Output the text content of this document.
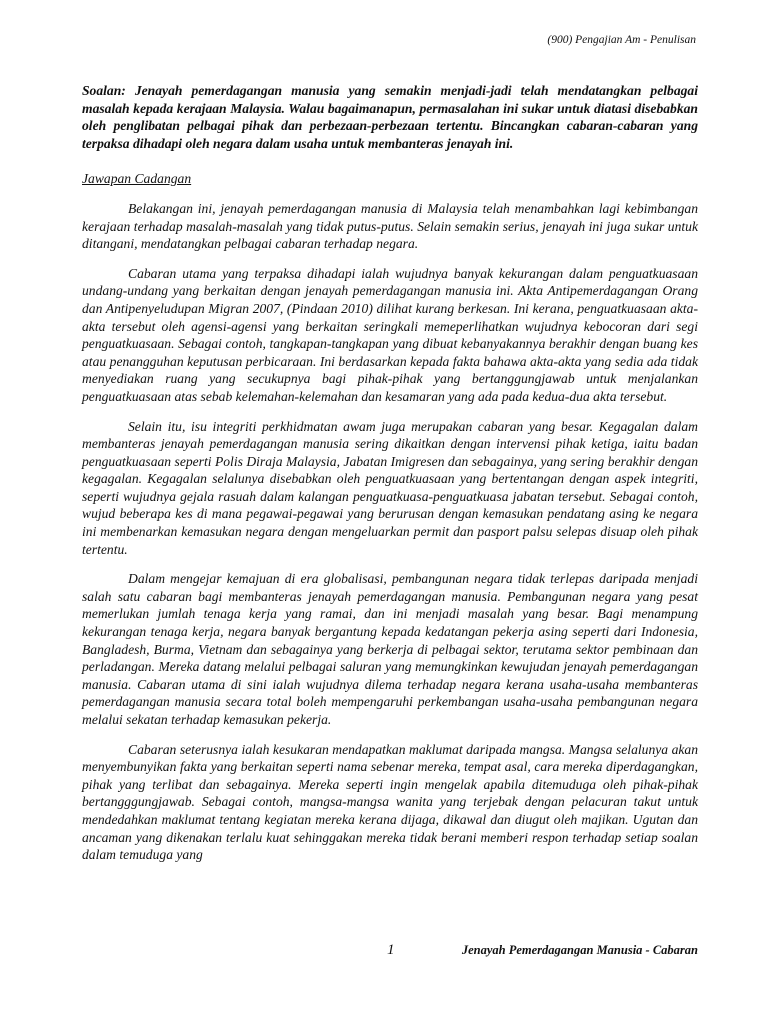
(900) Pengajian Am - Penulisan

Soalan: Jenayah pemerdagangan manusia yang semakin menjadi-jadi telah mendatangkan pelbagai masalah kepada kerajaan Malaysia. Walau bagaimanapun, permasalahan ini sukar untuk diatasi disebabkan oleh penglibatan pelbagai pihak dan perbezaan-perbezaan tertentu. Bincangkan cabaran-cabaran yang terpaksa dihadapi oleh negara dalam usaha untuk membanteras jenayah ini.

Jawapan Cadangan

Belakangan ini, jenayah pemerdagangan manusia di Malaysia telah menambahkan lagi kebimbangan kerajaan terhadap masalah-masalah yang tidak putus-putus. Selain semakin serius, jenayah ini juga sukar untuk ditangani, mendatangkan pelbagai cabaran terhadap negara.

Cabaran utama yang terpaksa dihadapi ialah wujudnya banyak kekurangan dalam penguatkuasaan undang-undang yang berkaitan dengan jenayah pemerdagangan manusia ini. Akta Antipemerdagangan Orang dan Antipenyeludupan Migran 2007, (Pindaan 2010) dilihat kurang berkesan. Ini kerana, penguatkuasaan akta-akta tersebut oleh agensi-agensi yang berkaitan seringkali memeperlihatkan wujudnya kebocoran dari segi penguatkuasaan. Sebagai contoh, tangkapan-tangkapan yang dibuat kebanyakannya berakhir dengan buang kes atau penangguhan keputusan perbicaraan. Ini berdasarkan kepada fakta bahawa akta-akta yang sedia ada tidak menyediakan ruang yang secukupnya bagi pihak-pihak yang bertanggungjawab untuk menjalankan penguatkuasaan atas sebab kelemahan-kelemahan dan kesamaran yang ada pada kedua-dua akta tersebut.

Selain itu, isu integriti perkhidmatan awam juga merupakan cabaran yang besar. Kegagalan dalam membanteras jenayah pemerdagangan manusia sering dikaitkan dengan intervensi pihak ketiga, iaitu badan penguatkuasaan seperti Polis Diraja Malaysia, Jabatan Imigresen dan sebagainya, yang sering berakhir dengan kegagalan. Kegagalan selalunya disebabkan oleh penguatkuasaan yang bertentangan dengan aspek integriti, seperti wujudnya gejala rasuah dalam kalangan penguatkuasa-penguatkuasa jabatan tersebut. Sebagai contoh, wujud beberapa kes di mana pegawai-pegawai yang berurusan dengan kemasukan pendatang asing ke negara ini membenarkan kemasukan negara dengan mengeluarkan permit dan pasport palsu selepas disuap oleh pihak tertentu.

Dalam mengejar kemajuan di era globalisasi, pembangunan negara tidak terlepas daripada menjadi salah satu cabaran bagi membanteras jenayah pemerdagangan manusia. Pembangunan negara yang pesat memerlukan jumlah tenaga kerja yang ramai, dan ini menjadi masalah yang besar. Bagi menampung kekurangan tenaga kerja, negara banyak bergantung kepada kedatangan pekerja asing seperti dari Indonesia, Bangladesh, Burma, Vietnam dan sebagainya yang berkerja di pelbagai sektor, terutama sektor pembinaan dan perladangan. Mereka datang melalui pelbagai saluran yang memungkinkan kewujudan jenayah pemerdagangan manusia. Cabaran utama di sini ialah wujudnya dilema terhadap negara kerana usaha-usaha membanteras pemerdagangan manusia secara total boleh mempengaruhi perkembangan usaha-usaha pembangunan negara melalui sekatan terhadap kemasukan pekerja.

Cabaran seterusnya ialah kesukaran mendapatkan maklumat daripada mangsa. Mangsa selalunya akan menyembunyikan fakta yang berkaitan seperti nama sebenar mereka, tempat asal, cara mereka diperdagangkan, pihak yang terlibat dan sebagainya. Mereka seperti ingin mengelak apabila ditemuduga oleh pihak-pihak bertangggungjawab. Sebagai contoh, mangsa-mangsa wanita yang terjebak dengan pelacuran takut untuk mendedahkan maklumat tentang kegiatan mereka kerana dijaga, dikawal dan diugut oleh majikan. Ugutan dan ancaman yang dikenakan terlalu kuat sehinggakan mereka tidak berani memberi respon terhadap setiap soalan dalam temuduga yang

1	Jenayah Pemerdagangan Manusia - Cabaran
